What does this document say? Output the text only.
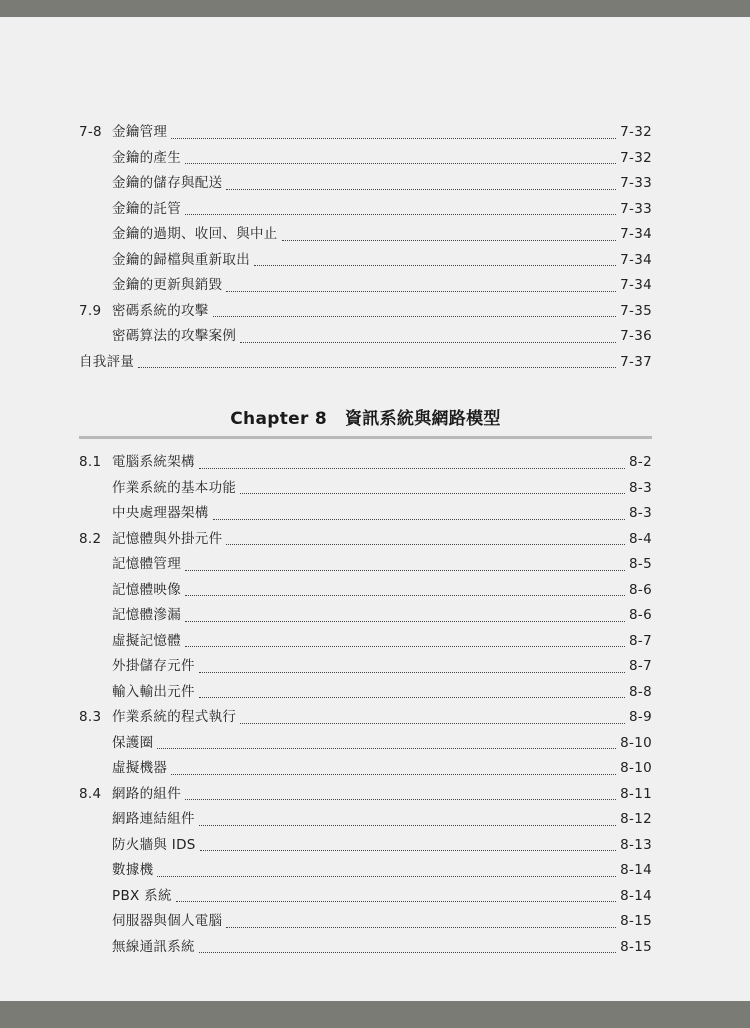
7-8 金鑰管理	7-32
金鑰的產生	7-32
金鑰的儲存與配送	7-33
金鑰的託管	7-33
金鑰的過期、收回、與中止	7-34
金鑰的歸檔與重新取出	7-34
金鑰的更新與銷毀	7-34
7.9 密碼系統的攻擊	7-35
密碼算法的攻擊案例	7-36
自我評量	7-37
Chapter 8 資訊系統與網路模型
8.1 電腦系統架構	8-2
作業系統的基本功能	8-3
中央處理器架構	8-3
8.2 記憶體與外掛元件	8-4
記憶體管理	8-5
記憶體映像	8-6
記憶體滲漏	8-6
虛擬記憶體	8-7
外掛儲存元件	8-7
輸入輸出元件	8-8
8.3 作業系統的程式執行	8-9
保護圈	8-10
虛擬機器	8-10
8.4 網路的組件	8-11
網路連結組件	8-12
防火牆與 IDS	8-13
數據機	8-14
PBX 系統	8-14
伺服器與個人電腦	8-15
無線通訊系統	8-15
